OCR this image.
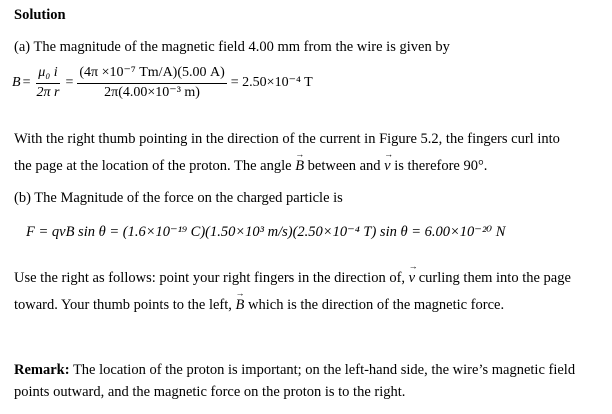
Solution
(a) The magnitude of the magnetic field 4.00 mm from the wire is given by
$B = \frac{\text{μ₀ i}}{\text{2π r}} = \frac{\text{(4π ×10⁻⁷ Tm/A)(5.00 A)}}{\text{2π(4.00×10⁻³ m)}} = 2.50\times 10^{-4}$ T
With the right thumb pointing in the direction of the current in Figure 5.2, the fingers curl into
the page at the location of the proton. The angle → B between and → v is therefore 90°.
(b) The Magnitude of the force on the charged particle is
F = qvB sin θ = (1.6×10⁻¹⁹ C)(1.50×10³ m/s)(2.50×10⁻⁴ T) sin θ = 6.00×10⁻²⁰ N
Use the right as follows: point your right fingers in the direction of, → v curling them into the page
toward. Your thumb points to the left, → B which is the direction of the magnetic force.
Remark: The location of the proton is important; on the left-hand side, the wire’s magnetic field
points outward, and the magnetic force on the proton is to the right.
